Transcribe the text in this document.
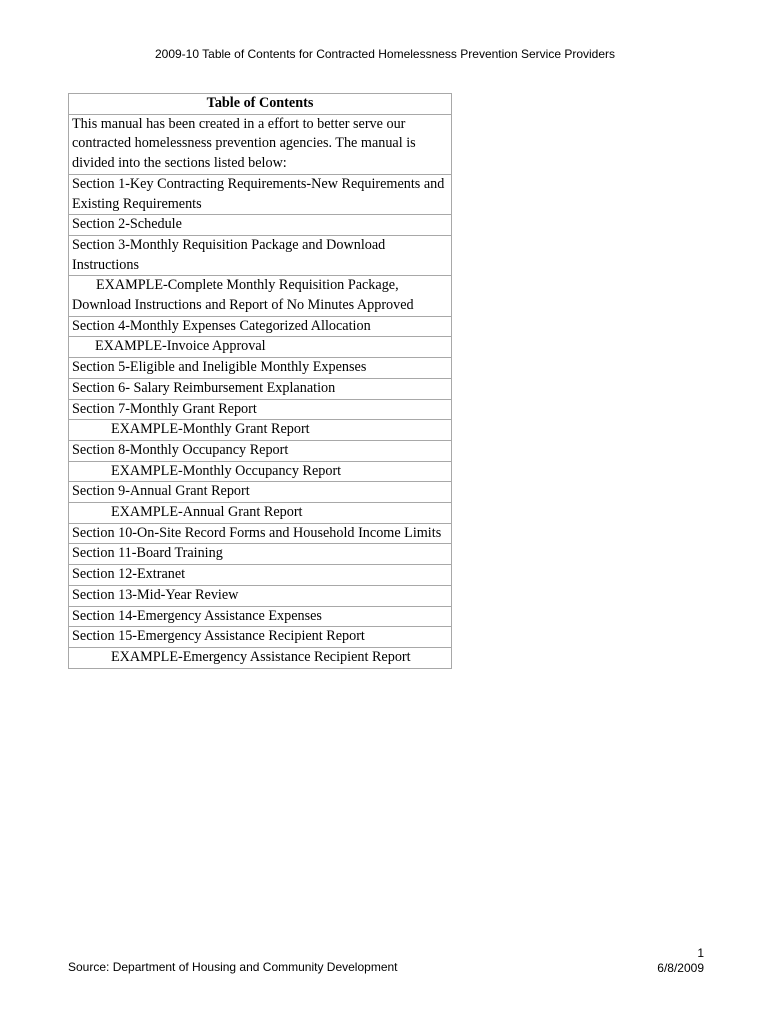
2009-10 Table of Contents for Contracted Homelessness Prevention Service Providers
Table of Contents
This manual has been created in a effort to better serve our contracted homelessness prevention agencies. The manual is divided into the sections listed below:
Section 1-Key Contracting Requirements-New Requirements and Existing Requirements
Section 2-Schedule
Section 3-Monthly Requisition Package and Download Instructions
EXAMPLE-Complete Monthly Requisition Package, Download Instructions and Report of No Minutes Approved
Section 4-Monthly Expenses Categorized Allocation
EXAMPLE-Invoice Approval
Section 5-Eligible and Ineligible Monthly Expenses
Section 6- Salary Reimbursement Explanation
Section 7-Monthly Grant Report
EXAMPLE-Monthly Grant Report
Section 8-Monthly Occupancy Report
EXAMPLE-Monthly Occupancy Report
Section 9-Annual Grant Report
EXAMPLE-Annual Grant Report
Section 10-On-Site Record Forms and Household Income Limits
Section 11-Board Training
Section 12-Extranet
Section 13-Mid-Year Review
Section 14-Emergency Assistance Expenses
Section 15-Emergency Assistance Recipient Report
EXAMPLE-Emergency Assistance Recipient Report
Source: Department of Housing and Community Development
1
6/8/2009
